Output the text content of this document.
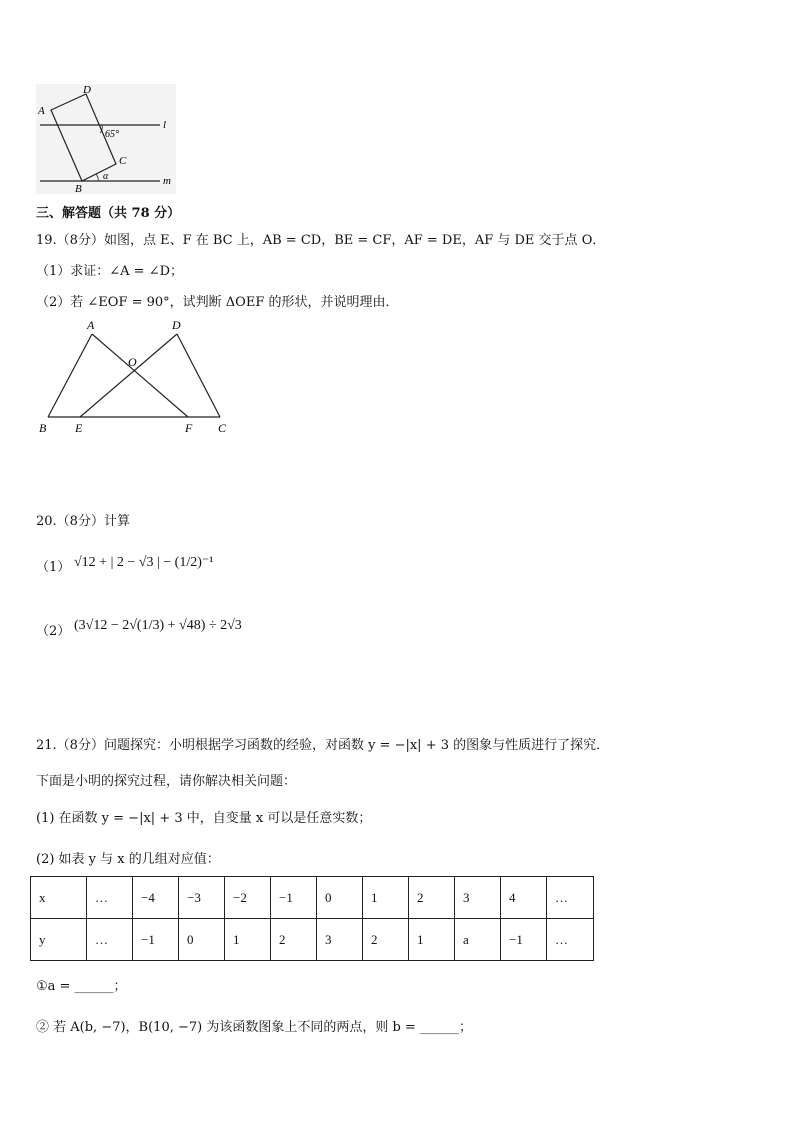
D
A
65°
C
B
α
l
m
三、解答题（共 78 分）
19.（8分）如图，点 E、F 在 BC 上，AB = CD，BE = CF，AF = DE，AF 与 DE 交于点 O．
（1）求证：∠A = ∠D；
（2）若 ∠EOF = 90°，试判断 ΔOEF 的形状，并说明理由．
A	D
O
B E	F C
20.（8分）计算
（1） √12 + | 2 − √3 | − (1/2)⁻¹
（2） (3√12 − 2√(1/3) + √48) ÷ 2√3
21.（8分）问题探究：小明根据学习函数的经验，对函数 y = −|x| + 3 的图象与性质进行了探究．
下面是小明的探究过程，请你解决相关问题：
(1) 在函数 y = −|x| + 3 中，自变量 x 可以是任意实数；
(2) 如表 y 与 x 的几组对应值：
x	…	−4	−3	−2	−1	0	1	2	3	4	…
y	…	−1	0	1	2	3	2	1	a	−1	…
①a = ______；
② 若 A(b, −7)，B(10, −7) 为该函数图象上不同的两点，则 b = ______；
